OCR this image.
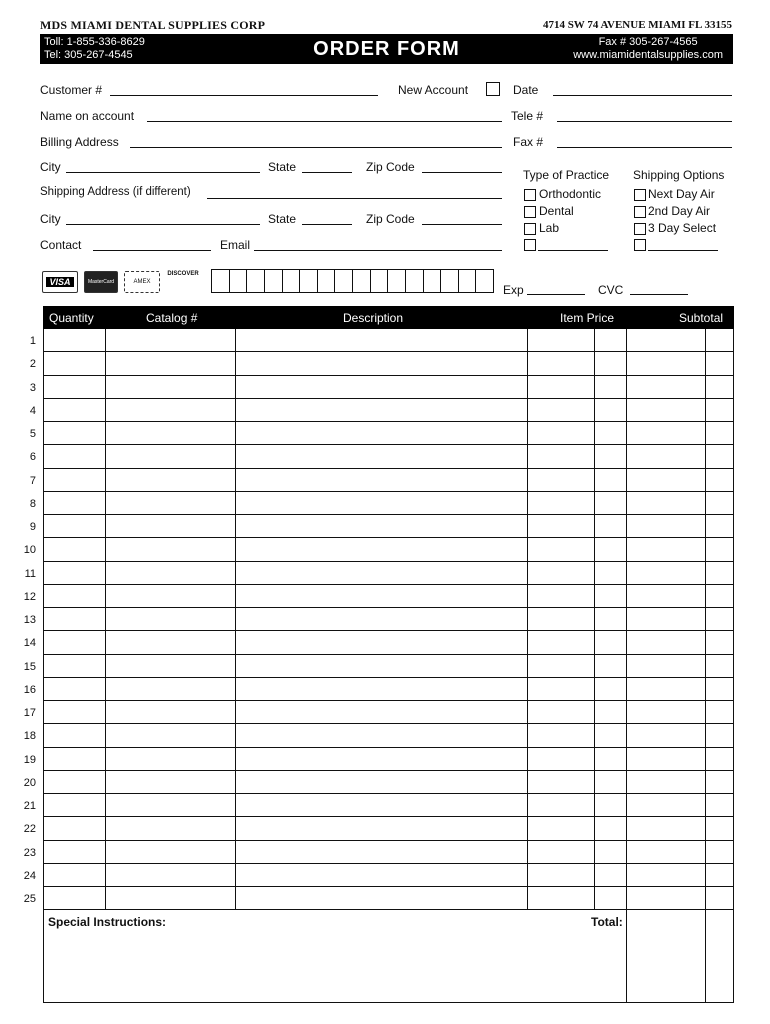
MDS MIAMI DENTAL SUPPLIES CORP	4714 SW 74 AVENUE MIAMI FL 33155
Toll: 1-855-336-8629
Tel: 305-267-4545	ORDER FORM	Fax # 305-267-4565
www.miamidentalsupplies.com
Customer #	New Account	Date
Name on account	Tele #
Billing Address	Fax #
City	State	Zip Code
Shipping Address (if different)
City	State	Zip Code
Contact	Email
Type of Practice
Orthodontic
Dental
Lab
Shipping Options
Next Day Air
2nd Day Air
3 Day Select
VISA	MasterCard	AMEX
DISCOVER
Exp	CVC
Quantity	Catalog #	Description	Item Price	Subtotal
1
2
3
4
5
6
7
8
9
10
11
12
13
14
15
16
17
18
19
20
21
22
23
24
25
Special Instructions:	Total:
